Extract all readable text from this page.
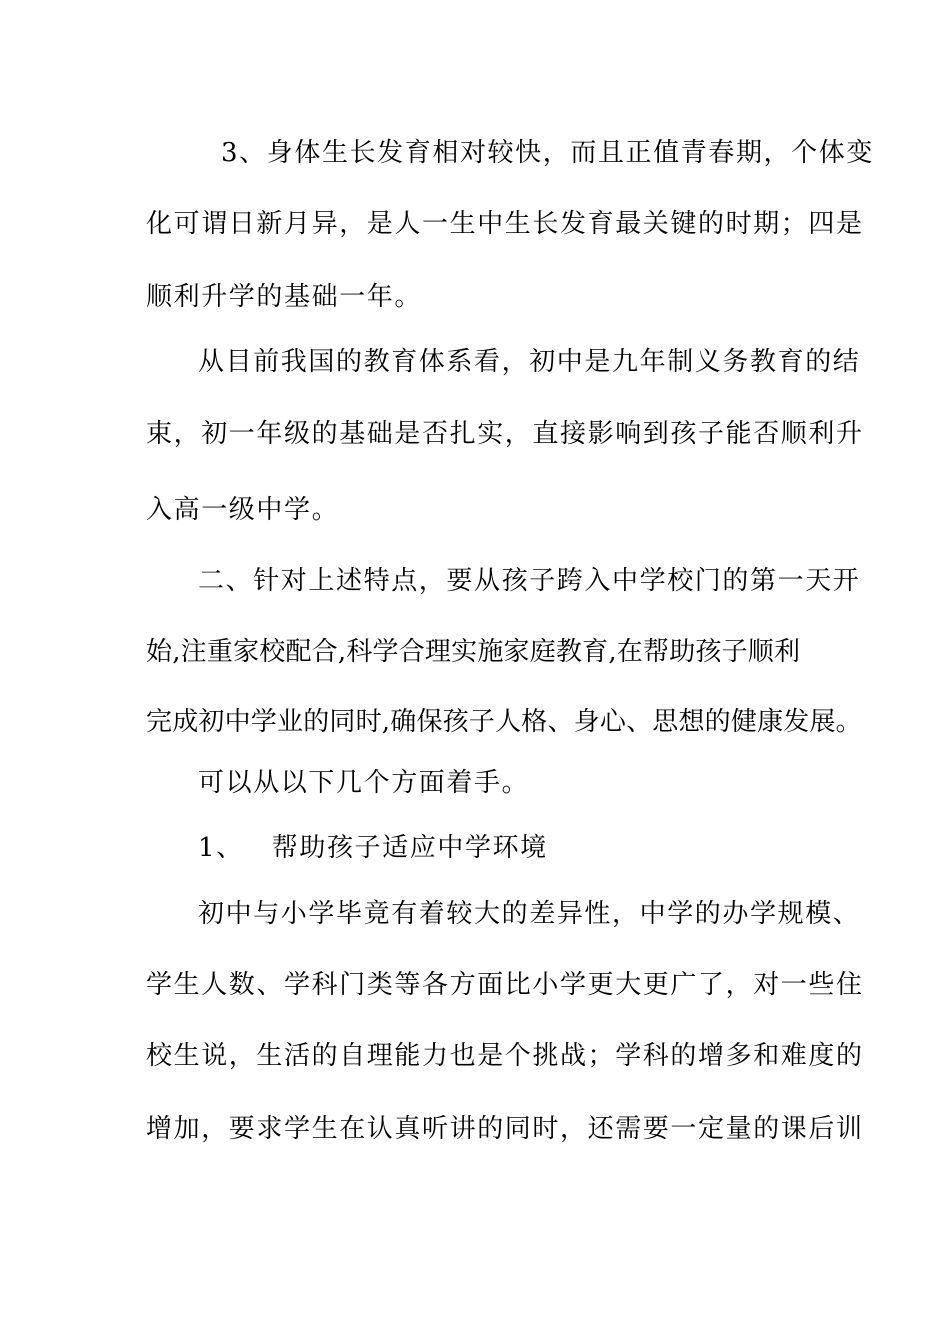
3、身体生长发育相对较快，而且正值青春期，个体变
化可谓日新月异，是人一生中生长发育最关键的时期；四是
顺利升学的基础一年。
从目前我国的教育体系看，初中是九年制义务教育的结
束，初一年级的基础是否扎实，直接影响到孩子能否顺利升
入高一级中学。
二、针对上述特点，要从孩子跨入中学校门的第一天开
始,注重家校配合,科学合理实施家庭教育,在帮助孩子顺利
完成初中学业的同时,确保孩子人格、身心、思想的健康发展。
可以从以下几个方面着手。
1、 帮助孩子适应中学环境
初中与小学毕竟有着较大的差异性，中学的办学规模、
学生人数、学科门类等各方面比小学更大更广了，对一些住
校生说，生活的自理能力也是个挑战；学科的增多和难度的
增加，要求学生在认真听讲的同时，还需要一定量的课后训
